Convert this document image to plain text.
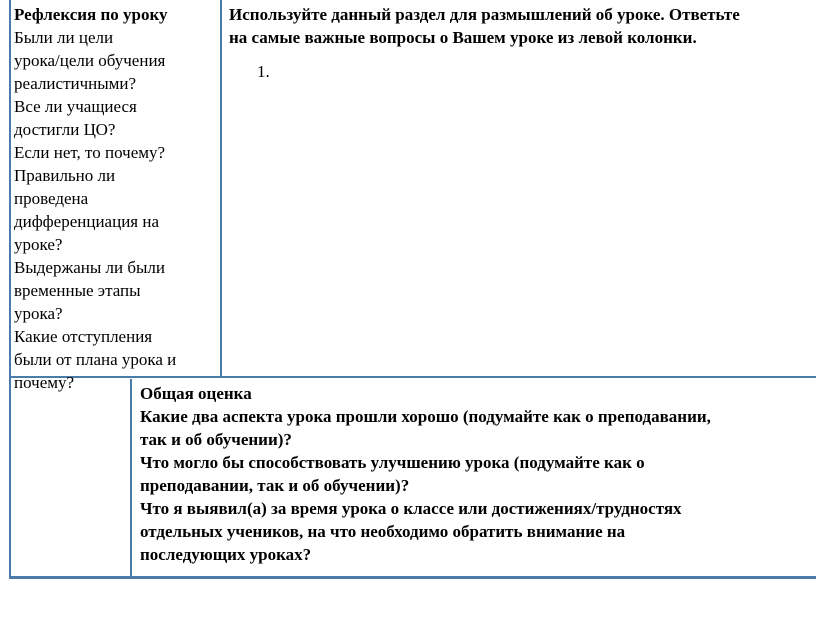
Рефлексия по уроку
Были ли цели
урока/цели обучения
реалистичными?
Все ли учащиеся
достигли ЦО?
Если нет, то почему?
Правильно ли
проведена
дифференциация на
уроке?
Выдержаны ли были
временные этапы
урока?
Какие отступления
были от плана урока и
почему?
Используйте данный раздел для размышлений об уроке. Ответьте
на самые важные вопросы о Вашем уроке из левой колонки.
1.
Общая оценка
Какие два аспекта урока прошли хорошо (подумайте как о преподавании,
так и об обучении)?
Что могло бы способствовать улучшению урока (подумайте как о
преподавании, так и об обучении)?
Что я выявил(а) за время урока о классе или достижениях/трудностях
отдельных учеников, на что необходимо обратить внимание на
последующих уроках?
